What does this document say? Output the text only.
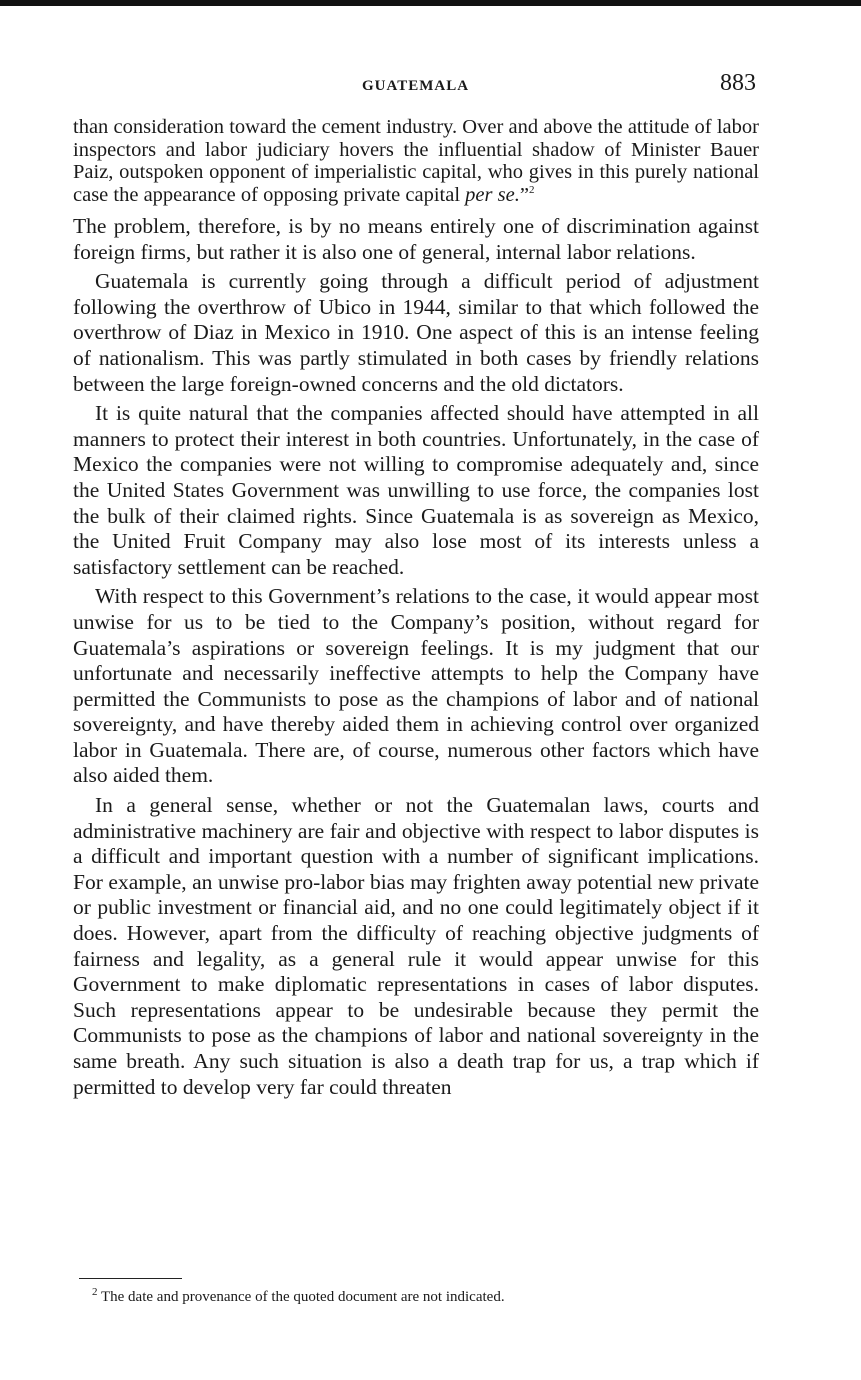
GUATEMALA	883

than consideration toward the cement industry. Over and above the attitude of labor inspectors and labor judiciary hovers the influential shadow of Minister Bauer Paiz, outspoken opponent of imperialistic capital, who gives in this purely national case the appearance of opposing private capital per se.”$^2$

The problem, therefore, is by no means entirely one of discrimination against foreign firms, but rather it is also one of general, internal labor relations.

Guatemala is currently going through a difficult period of adjustment following the overthrow of Ubico in 1944, similar to that which followed the overthrow of Diaz in Mexico in 1910. One aspect of this is an intense feeling of nationalism. This was partly stimulated in both cases by friendly relations between the large foreign-owned concerns and the old dictators.

It is quite natural that the companies affected should have attempted in all manners to protect their interest in both countries. Unfortunately, in the case of Mexico the companies were not willing to compromise adequately and, since the United States Government was unwilling to use force, the companies lost the bulk of their claimed rights. Since Guatemala is as sovereign as Mexico, the United Fruit Company may also lose most of its interests unless a satisfactory settlement can be reached.

With respect to this Government’s relations to the case, it would appear most unwise for us to be tied to the Company’s position, without regard for Guatemala’s aspirations or sovereign feelings. It is my judgment that our unfortunate and necessarily ineffective attempts to help the Company have permitted the Communists to pose as the champions of labor and of national sovereignty, and have thereby aided them in achieving control over organized labor in Guatemala. There are, of course, numerous other factors which have also aided them.

In a general sense, whether or not the Guatemalan laws, courts and administrative machinery are fair and objective with respect to labor disputes is a difficult and important question with a number of significant implications. For example, an unwise pro-labor bias may frighten away potential new private or public investment or financial aid, and no one could legitimately object if it does. However, apart from the difficulty of reaching objective judgments of fairness and legality, as a general rule it would appear unwise for this Government to make diplomatic representations in cases of labor disputes. Such representations appear to be undesirable because they permit the Communists to pose as the champions of labor and national sovereignty in the same breath. Any such situation is also a death trap for us, a trap which if permitted to develop very far could threaten

$^2$ The date and provenance of the quoted document are not indicated.
